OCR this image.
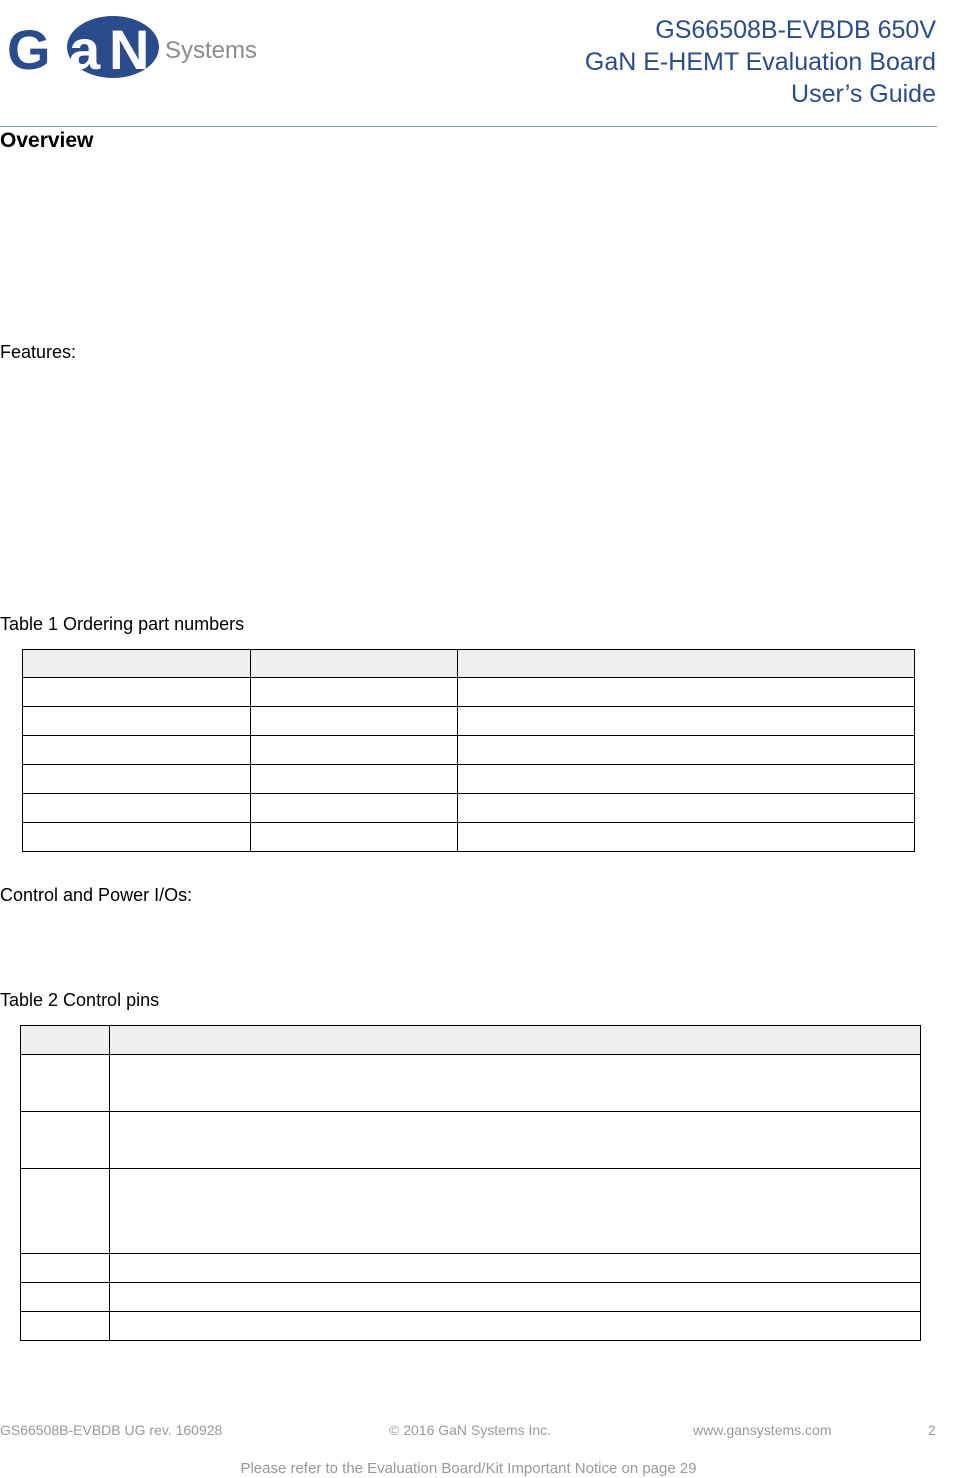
G a N Systems
GS66508B-EVBDB 650V
GaN E-HEMT Evaluation Board
User’s Guide
Overview
Features:
Table 1 Ordering part numbers

Control and Power I/Os:
Table 2 Control pins

GS66508B-EVBDB UG rev. 160928	© 2016 GaN Systems Inc.	www.gansystems.com	2
Please refer to the Evaluation Board/Kit Important Notice on page 29
